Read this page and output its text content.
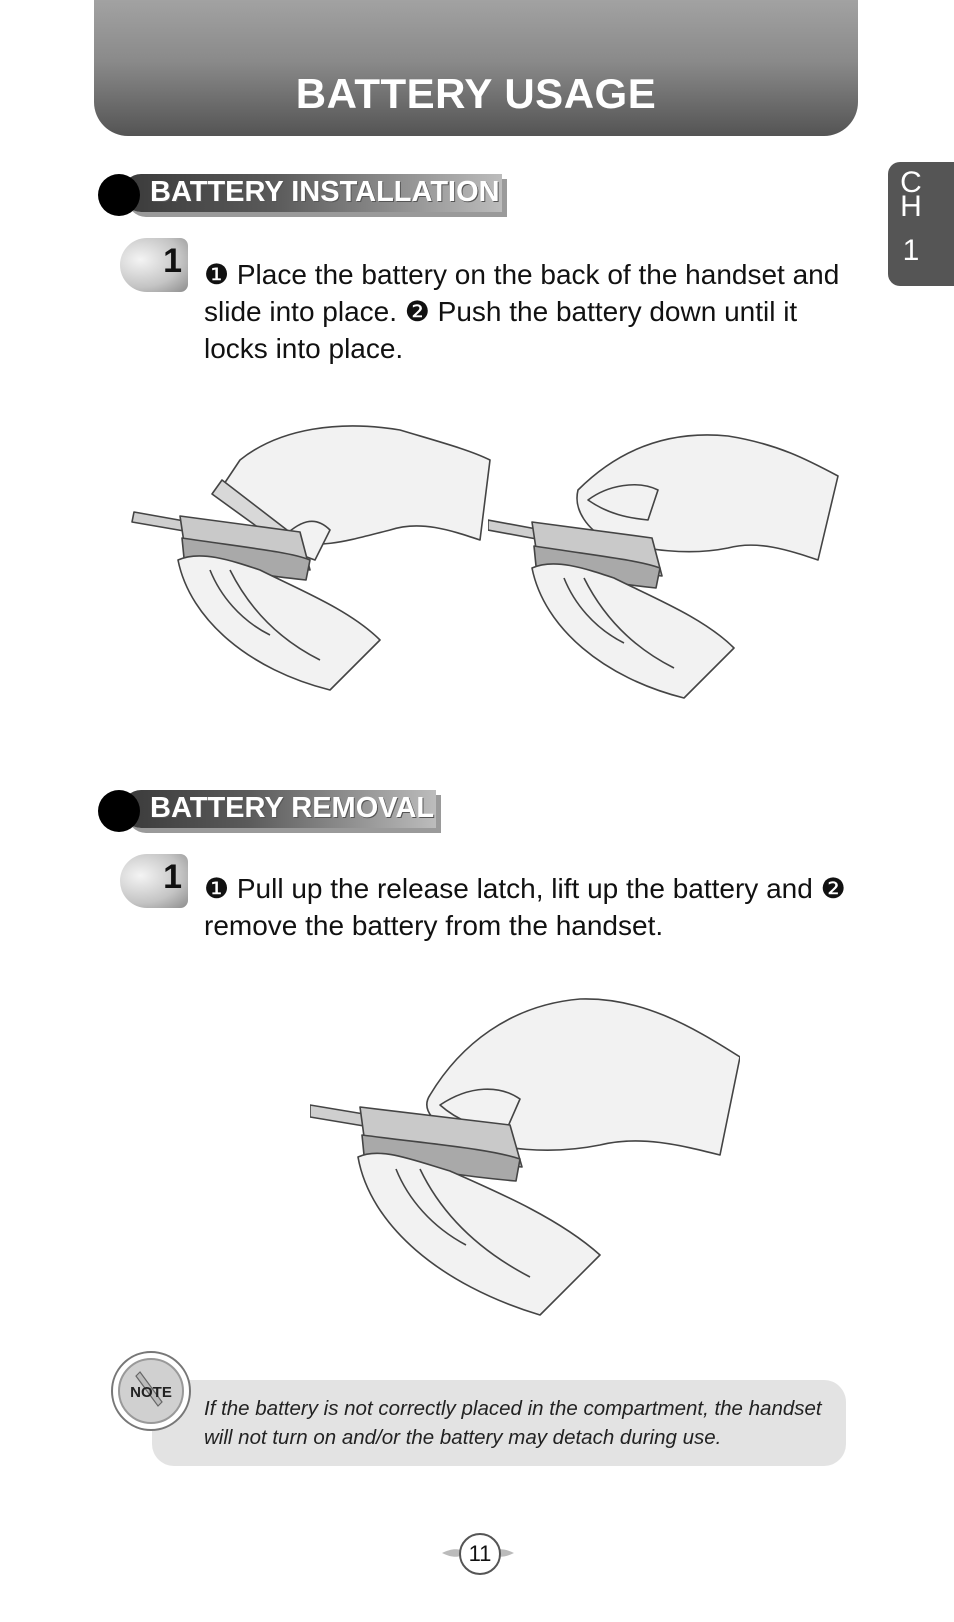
BATTERY USAGE
C
H
1
BATTERY INSTALLATION
1 ❶ Place the battery on the back of the handset and slide into place. ❷ Push the battery down until it locks into place.
BATTERY REMOVAL
1 ❶ Pull up the release latch, lift up the battery and ❷ remove the battery from the handset.
If the battery is not correctly placed in the compartment, the handset will not turn on and/or the battery may detach during use.
NOTE
11
